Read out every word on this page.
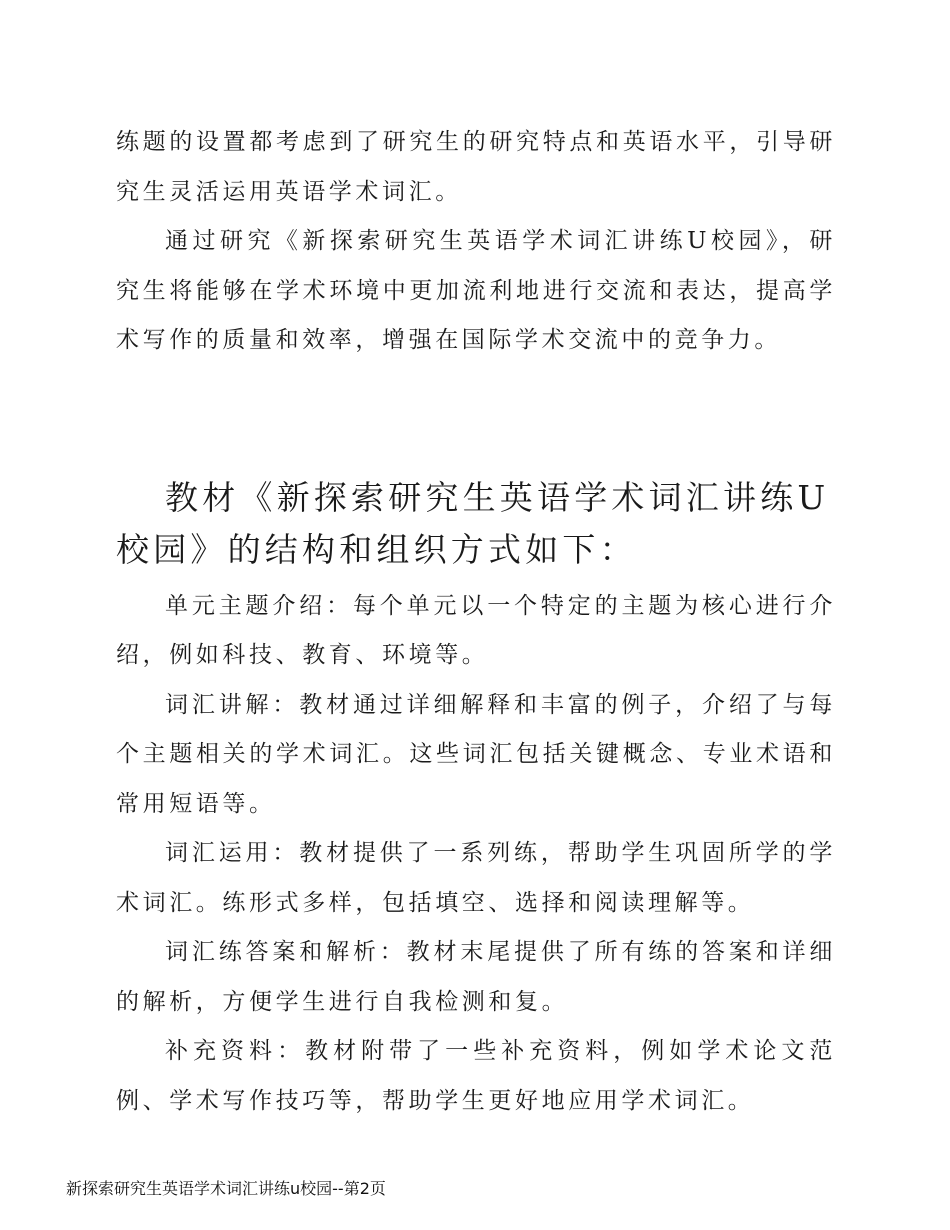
练题的设置都考虑到了研究生的研究特点和英语水平，引导研究生灵活运用英语学术词汇。

通过研究《新探索研究生英语学术词汇讲练U校园》，研究生将能够在学术环境中更加流利地进行交流和表达，提高学术写作的质量和效率，增强在国际学术交流中的竞争力。

教材《新探索研究生英语学术词汇讲练U校园》的结构和组织方式如下：

单元主题介绍：每个单元以一个特定的主题为核心进行介绍，例如科技、教育、环境等。

词汇讲解：教材通过详细解释和丰富的例子，介绍了与每个主题相关的学术词汇。这些词汇包括关键概念、专业术语和常用短语等。

词汇运用：教材提供了一系列练，帮助学生巩固所学的学术词汇。练形式多样，包括填空、选择和阅读理解等。

词汇练答案和解析：教材末尾提供了所有练的答案和详细的解析，方便学生进行自我检测和复。

补充资料：教材附带了一些补充资料，例如学术论文范例、学术写作技巧等，帮助学生更好地应用学术词汇。

新探索研究生英语学术词汇讲练u校园--第2页
